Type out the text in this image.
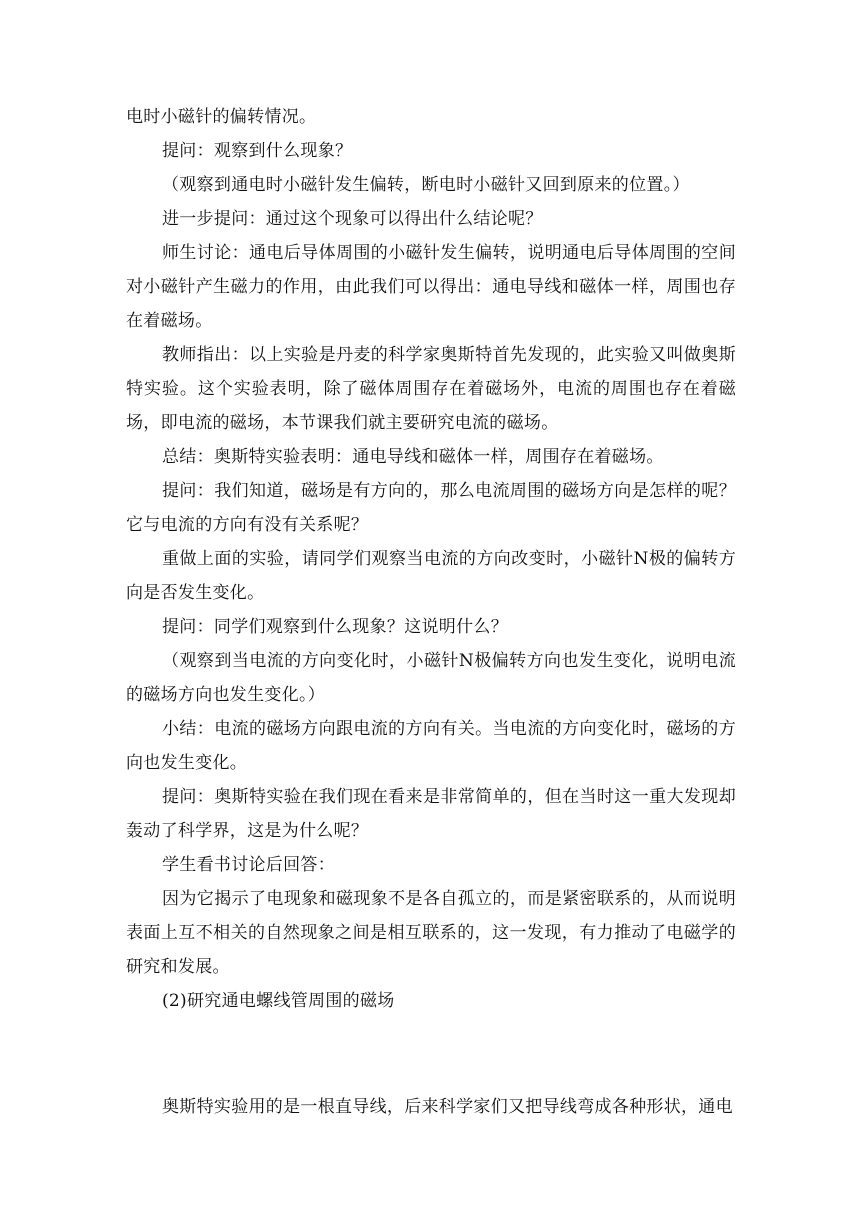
电时小磁针的偏转情况。

提问：观察到什么现象？

（观察到通电时小磁针发生偏转，断电时小磁针又回到原来的位置。）

进一步提问：通过这个现象可以得出什么结论呢？

师生讨论：通电后导体周围的小磁针发生偏转，说明通电后导体周围的空间对小磁针产生磁力的作用，由此我们可以得出：通电导线和磁体一样，周围也存在着磁场。

教师指出：以上实验是丹麦的科学家奥斯特首先发现的，此实验又叫做奥斯特实验。这个实验表明，除了磁体周围存在着磁场外，电流的周围也存在着磁场，即电流的磁场，本节课我们就主要研究电流的磁场。

总结：奥斯特实验表明：通电导线和磁体一样，周围存在着磁场。

提问：我们知道，磁场是有方向的，那么电流周围的磁场方向是怎样的呢？它与电流的方向有没有关系呢？

重做上面的实验，请同学们观察当电流的方向改变时，小磁针N极的偏转方向是否发生变化。

提问：同学们观察到什么现象？这说明什么？

（观察到当电流的方向变化时，小磁针N极偏转方向也发生变化，说明电流的磁场方向也发生变化。）

小结：电流的磁场方向跟电流的方向有关。当电流的方向变化时，磁场的方向也发生变化。

提问：奥斯特实验在我们现在看来是非常简单的，但在当时这一重大发现却轰动了科学界，这是为什么呢？

学生看书讨论后回答：

因为它揭示了电现象和磁现象不是各自孤立的，而是紧密联系的，从而说明表面上互不相关的自然现象之间是相互联系的，这一发现，有力推动了电磁学的研究和发展。

(2)研究通电螺线管周围的磁场

奥斯特实验用的是一根直导线，后来科学家们又把导线弯成各种形状，通电
